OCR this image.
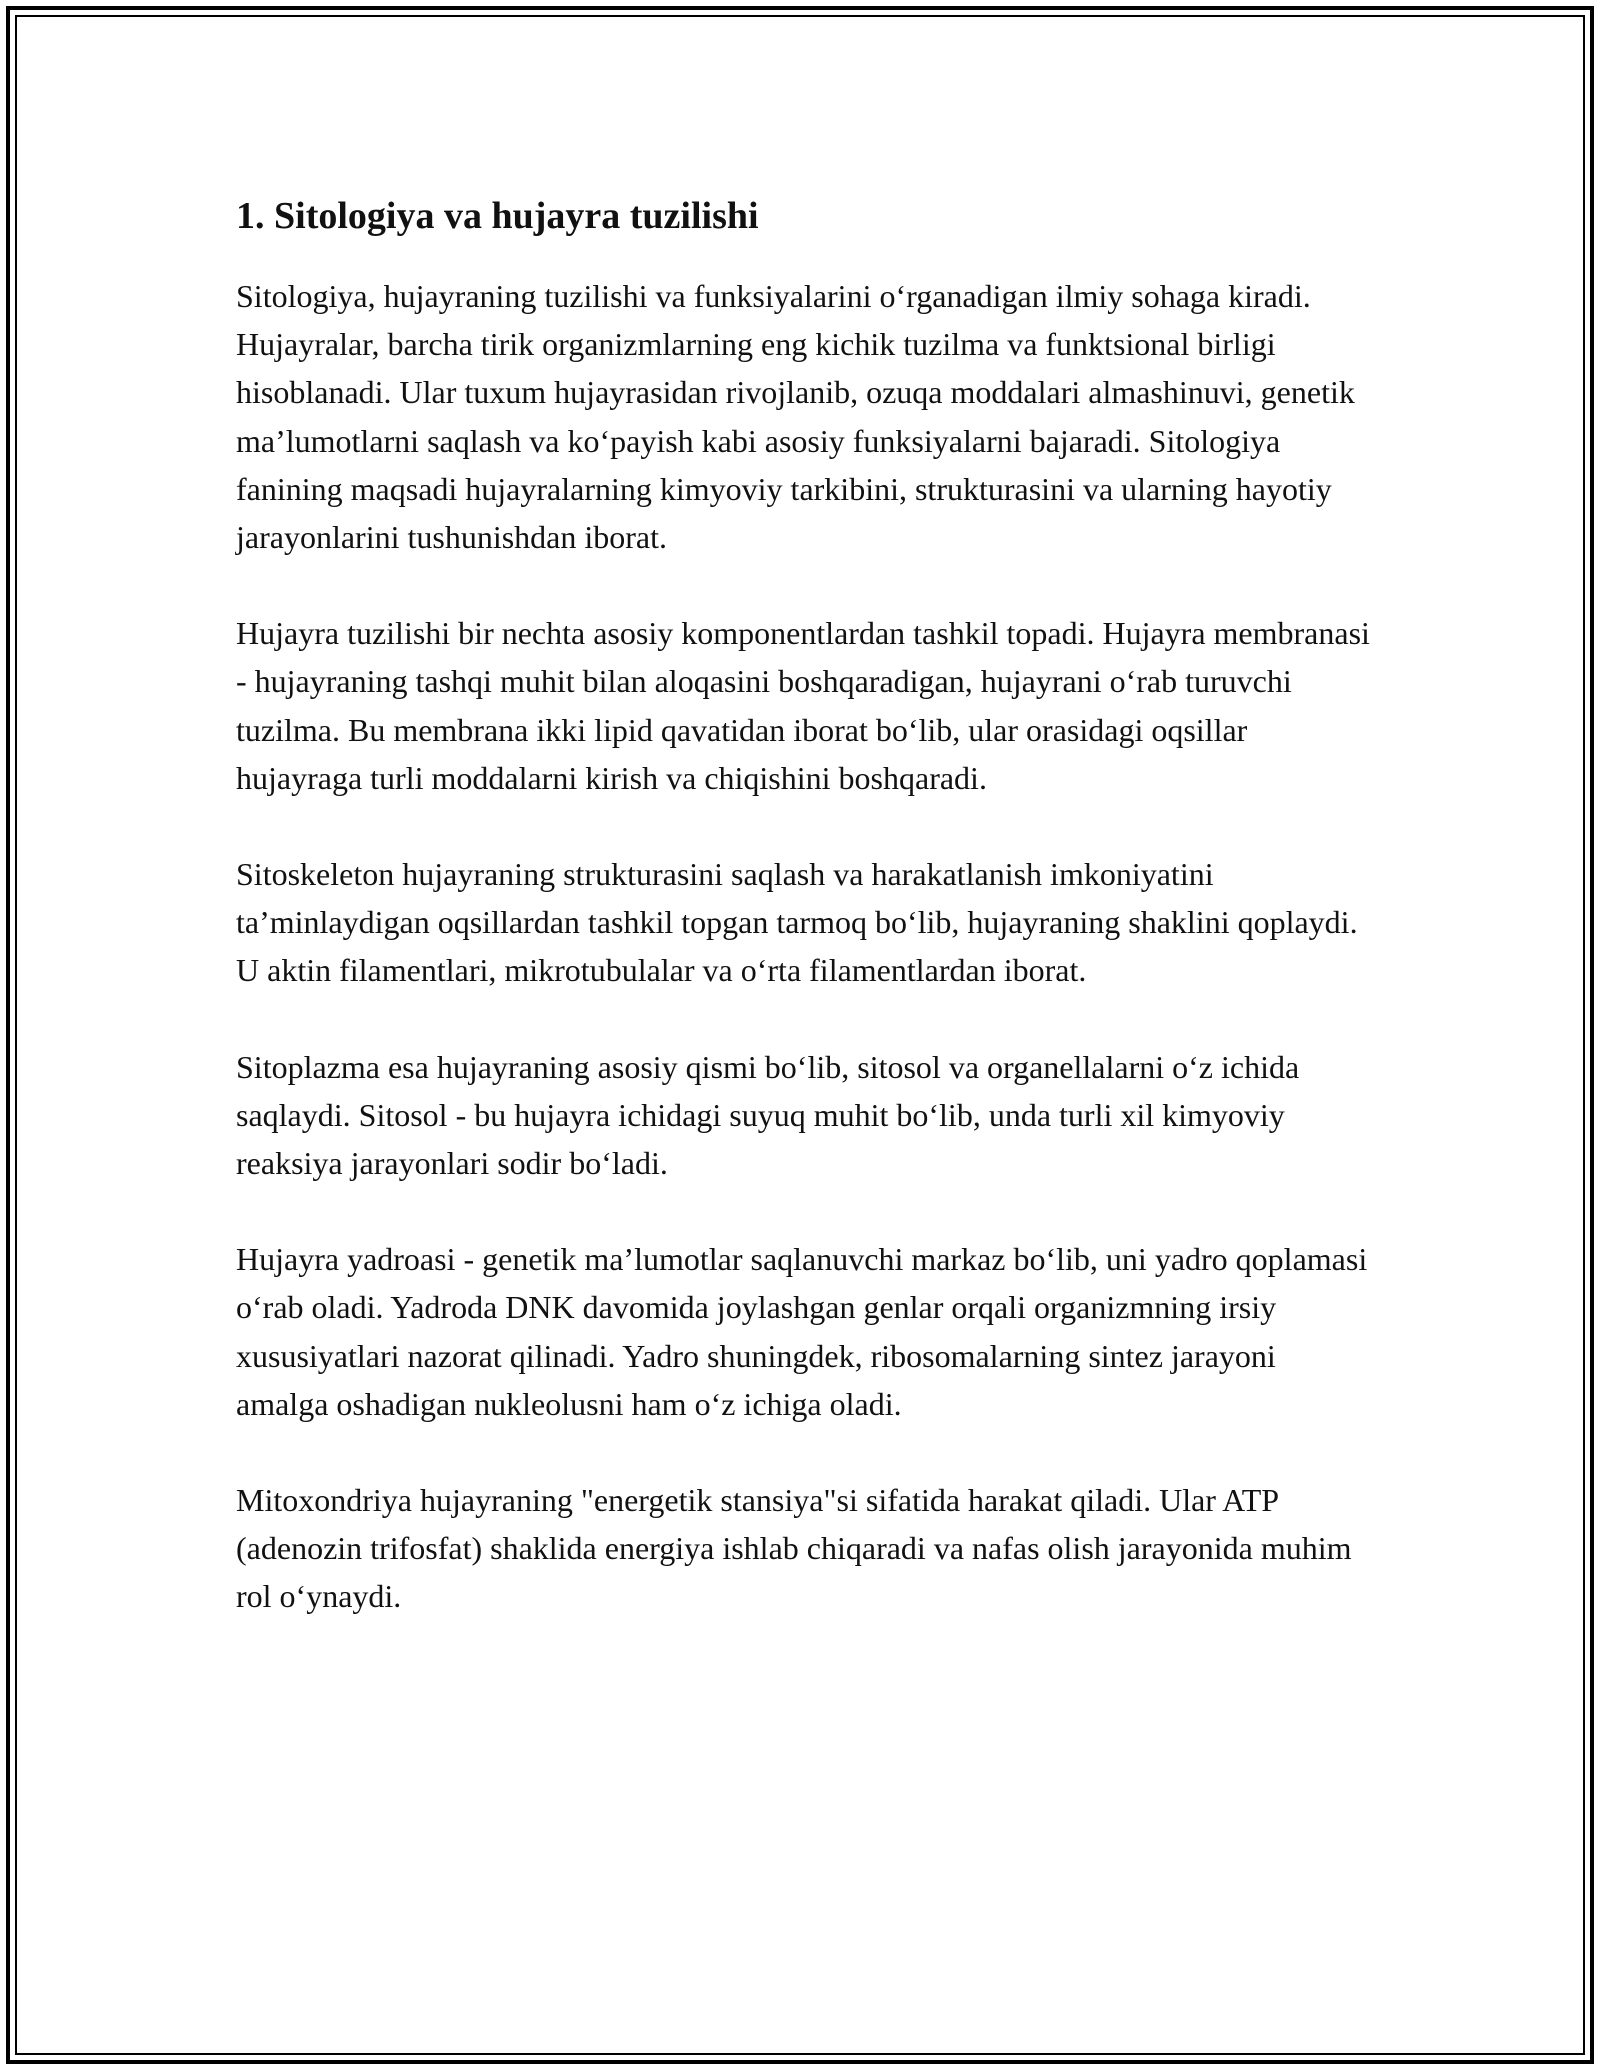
1. Sitologiya va hujayra tuzilishi

Sitologiya, hujayraning tuzilishi va funksiyalarini o‘rganadigan ilmiy sohaga kiradi. Hujayralar, barcha tirik organizmlarning eng kichik tuzilma va funktsional birligi hisoblanadi. Ular tuxum hujayrasidan rivojlanib, ozuqa moddalari almashinuvi, genetik ma’lumotlarni saqlash va ko‘payish kabi asosiy funksiyalarni bajaradi. Sitologiya fanining maqsadi hujayralarning kimyoviy tarkibini, strukturasini va ularning hayotiy jarayonlarini tushunishdan iborat.

Hujayra tuzilishi bir nechta asosiy komponentlardan tashkil topadi. Hujayra membranasi - hujayraning tashqi muhit bilan aloqasini boshqaradigan, hujayrani o‘rab turuvchi tuzilma. Bu membrana ikki lipid qavatidan iborat bo‘lib, ular orasidagi oqsillar hujayraga turli moddalarni kirish va chiqishini boshqaradi.

Sitoskeleton hujayraning strukturasini saqlash va harakatlanish imkoniyatini ta’minlaydigan oqsillardan tashkil topgan tarmoq bo‘lib, hujayraning shaklini qoplaydi. U aktin filamentlari, mikrotubulalar va o‘rta filamentlardan iborat.

Sitoplazma esa hujayraning asosiy qismi bo‘lib, sitosol va organellalarni o‘z ichida saqlaydi. Sitosol - bu hujayra ichidagi suyuq muhit bo‘lib, unda turli xil kimyoviy reaksiya jarayonlari sodir bo‘ladi.

Hujayra yadroasi - genetik ma’lumotlar saqlanuvchi markaz bo‘lib, uni yadro qoplamasi o‘rab oladi. Yadroda DNK davomida joylashgan genlar orqali organizmning irsiy xususiyatlari nazorat qilinadi. Yadro shuningdek, ribosomalarning sintez jarayoni amalga oshadigan nukleolusni ham o‘z ichiga oladi.

Mitoxondriya hujayraning "energetik stansiya"si sifatida harakat qiladi. Ular ATP (adenozin trifosfat) shaklida energiya ishlab chiqaradi va nafas olish jarayonida muhim rol o‘ynaydi.
